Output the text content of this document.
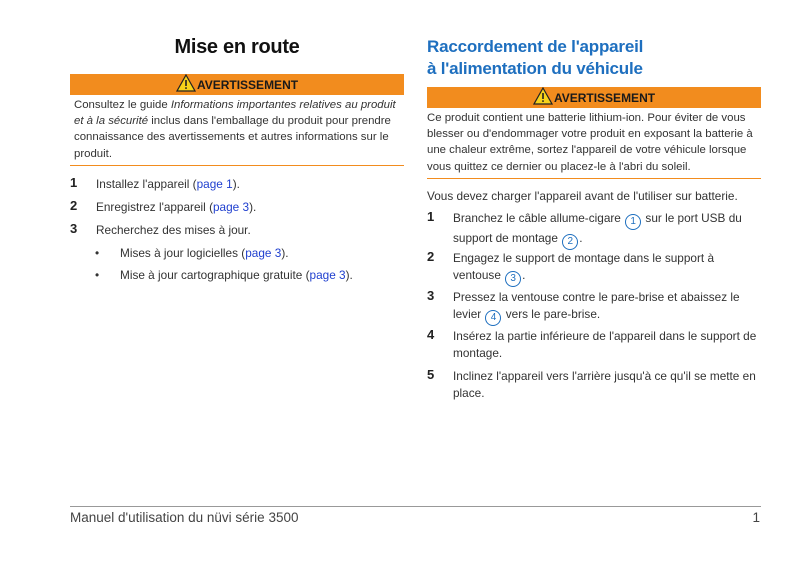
Mise en route
AVERTISSEMENT
Consultez le guide Informations importantes relatives au produit et à la sécurité inclus dans l'emballage du produit pour prendre connaissance des avertissements et autres informations sur le produit.
1 Installez l'appareil (page 1).
2 Enregistrez l'appareil (page 3).
3 Recherchez des mises à jour.
• Mises à jour logicielles (page 3).
• Mise à jour cartographique gratuite (page 3).
Raccordement de l'appareil
à l'alimentation du véhicule
AVERTISSEMENT
Ce produit contient une batterie lithium-ion. Pour éviter de vous blesser ou d'endommager votre produit en exposant la batterie à une chaleur extrême, sortez l'appareil de votre véhicule lorsque vous quittez ce dernier ou placez-le à l'abri du soleil.
Vous devez charger l'appareil avant de l'utiliser sur batterie.
1 Branchez le câble allume-cigare 1 sur le port USB du support de montage 2 .
2 Engagez le support de montage dans le support à ventouse 3 .
3 Pressez la ventouse contre le pare-brise et abaissez le levier 4 vers le pare-brise.
4 Insérez la partie inférieure de l'appareil dans le support de montage.
5 Inclinez l'appareil vers l'arrière jusqu'à ce qu'il se mette en place.
Manuel d'utilisation du nüvi série 3500	1
